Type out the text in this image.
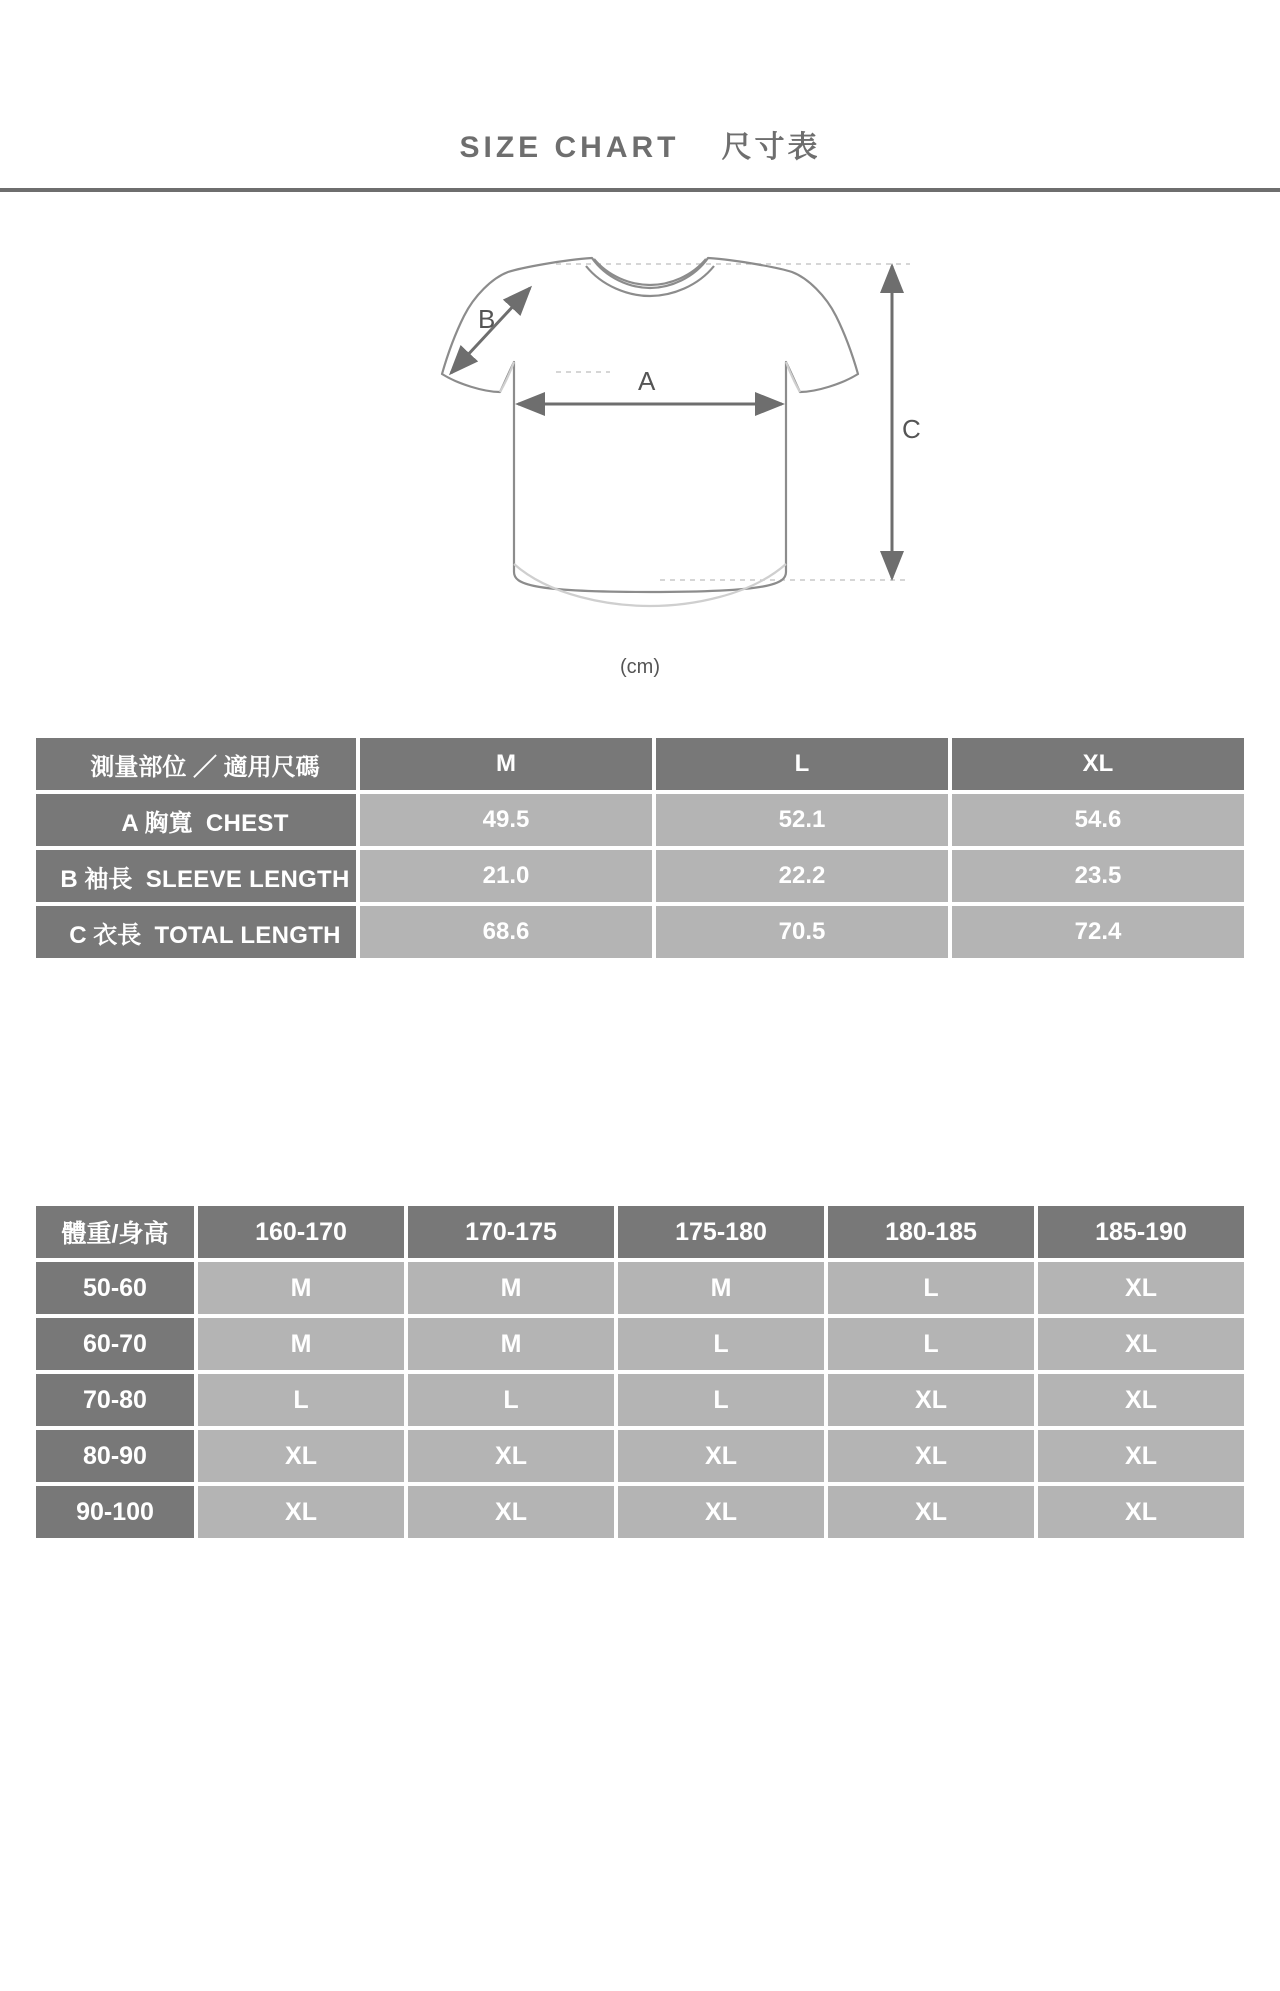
SIZE CHART 尺寸表
A
B
C
(cm)
測量部位 ／ 適用尺碼	M	L	XL
A 胸寬 CHEST	49.5	52.1	54.6
B 袖長 SLEEVE LENGTH	21.0	22.2	23.5
C 衣長 TOTAL LENGTH	68.6	70.5	72.4
體重/身高	160-170	170-175	175-180	180-185	185-190
50-60	M	M	M	L	XL
60-70	M	M	L	L	XL
70-80	L	L	L	XL	XL
80-90	XL	XL	XL	XL	XL
90-100	XL	XL	XL	XL	XL
